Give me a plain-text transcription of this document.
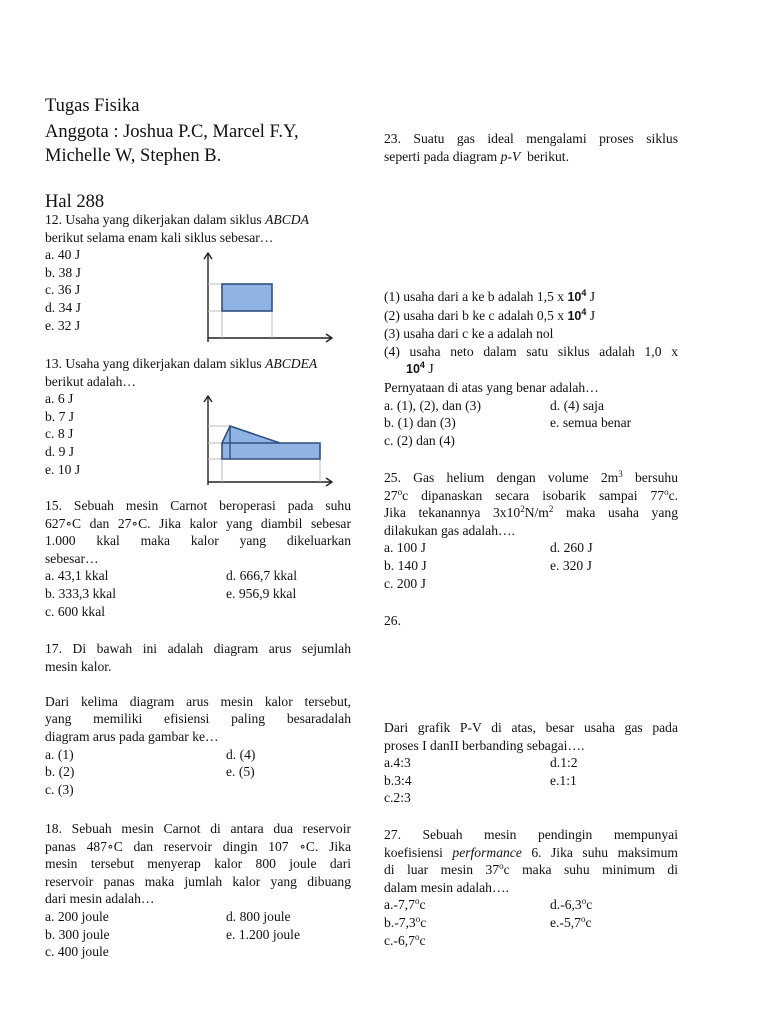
Tugas Fisika
Anggota : Joshua P.C, Marcel F.Y,
Michelle W, Stephen B.
Hal 288

12. Usaha yang dikerjakan dalam siklus ABCDA

berikut selama enam kali siklus sebesar…

a. 40 J
b. 38 J
c. 36 J
d. 34 J
e. 32 J

13. Usaha yang dikerjakan dalam siklus ABCDEA

berikut adalah…

a. 6 J
b. 7 J
c. 8 J
d. 9 J
e. 10 J

15. Sebuah mesin Carnot beroperasi pada suhu

627∘C dan 27∘C. Jika kalor yang diambil sebesar

1.000 kkal maka kalor yang dikeluarkan

sebesar…

a. 43,1 kkal	d. 666,7 kkal
b. 333,3 kkal	e. 956,9 kkal
c. 600 kkal

17. Di bawah ini adalah diagram arus sejumlah

mesin kalor.

Dari kelima diagram arus mesin kalor tersebut,

yang memiliki efisiensi paling besaradalah

diagram arus pada gambar ke…

a. (1)	d. (4)
b. (2)	e. (5)
c. (3)

18. Sebuah mesin Carnot di antara dua reservoir

panas 487∘C dan reservoir dingin 107 ∘C. Jika

mesin tersebut menyerap kalor 800 joule dari

reservoir panas maka jumlah kalor yang dibuang

dari mesin adalah…

a. 200 joule	d. 800 joule
b. 300 joule	e. 1.200 joule
c. 400 joule

23. Suatu gas ideal mengalami proses siklus

seperti pada diagram p-V berikut.

(1) usaha dari a ke b adalah 1,5 x $10^4$ J
(2) usaha dari b ke c adalah 0,5 x $10^4$ J
(3) usaha dari c ke a adalah nol
(4) usaha neto dalam satu siklus adalah 1,0 x
$10^4$ J

Pernyataan di atas yang benar adalah…

a. (1), (2), dan (3)	d. (4) saja
b. (1) dan (3)	e. semua benar
c. (2) dan (4)

25. Gas helium dengan volume $2m^3$ bersuhu

27$^o$c dipanaskan secara isobarik sampai 77$^o$c.

Jika tekanannya $3x10^2N/m^2$ maka usaha yang

dilakukan gas adalah….

a. 100 J	d. 260 J
b. 140 J	e. 320 J
c. 200 J
26.

Dari grafik P-V di atas, besar usaha gas pada

proses I danII berbanding sebagai….

a.4:3	d.1:2
b.3:4	e.1:1
c.2:3

27. Sebuah mesin pendingin mempunyai

koefisiensi performance 6. Jika suhu maksimum

di luar mesin 37$^o$c maka suhu minimum di

dalam mesin adalah….

a.-7,7$^o$c	d.-6,3$^o$c
b.-7,3$^o$c	e.-5,7$^o$c
c.-6,7$^o$c
